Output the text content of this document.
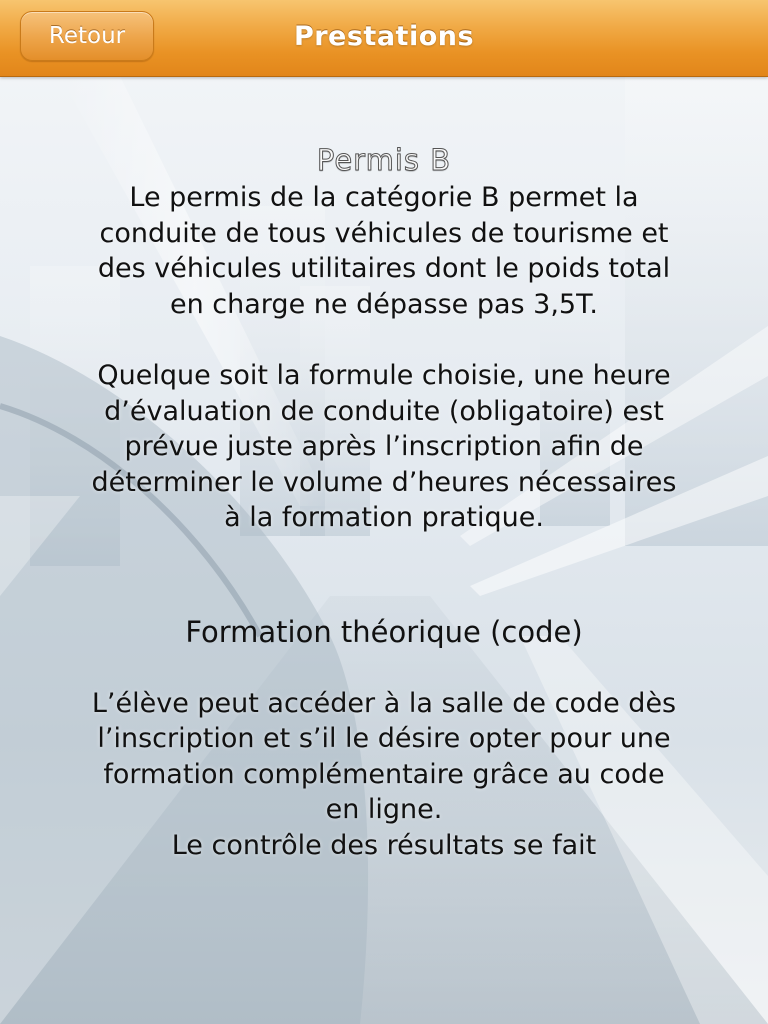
Retour	Prestations
Permis B

Le permis de la catégorie B permet la conduite de tous véhicules de tourisme et des véhicules utilitaires dont le poids total en charge ne dépasse pas 3,5T.

Quelque soit la formule choisie, une heure d’évaluation de conduite (obligatoire) est prévue juste après l’inscription afin de déterminer le volume d’heures nécessaires à la formation pratique.

Formation théorique (code)

L’élève peut accéder à la salle de code dès l’inscription et s’il le désire opter pour une formation complémentaire grâce au code en ligne.

Le contrôle des résultats se fait
